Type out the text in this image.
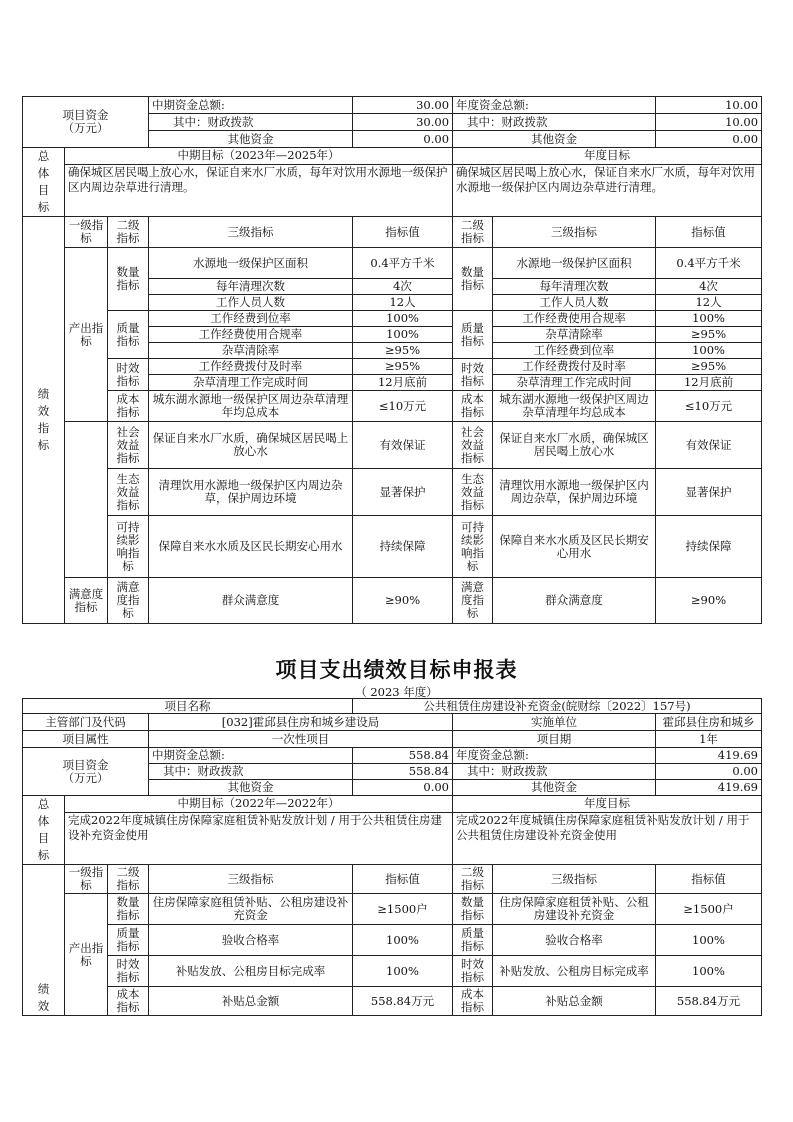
项目资金
（万元）			中期资金总额:	30.00	年度资金总额:		10.00
			其中：财政拨款	30.00	其中：财政拨款		10.00
			其他资金	0.00	其他资金		0.00

总体目标	中期目标（2023年—2025年）				年度目标		
	确保城区居民喝上放心水，保证自来水厂水质，每年对饮用水源地一级保护区内周边杂草进行清理。				确保城区居民喝上放心水，保证自来水厂水质，每年对饮用水源地一级保护区内周边杂草进行清理。		

绩效指标	一级指标	二级指标	三级指标	指标值	二级指标	三级指标	指标值
	产出指标	数量指标	水源地一级保护区面积	0.4平方千米	数量指标	水源地一级保护区面积	0.4平方千米
			每年清理次数	4次		每年清理次数	4次
			工作人员人数	12人		工作人员人数	12人
		质量指标	工作经费到位率	100%	质量指标	工作经费使用合规率	100%
			工作经费使用合规率	100%		杂草清除率	≥95%
			杂草清除率	≥95%		工作经费到位率	100%
		时效指标	工作经费拨付及时率	≥95%	时效指标	工作经费拨付及时率	≥95%
			杂草清理工作完成时间	12月底前		杂草清理工作完成时间	12月底前
		成本指标	城东湖水源地一级保护区周边杂草清理年均总成本	≤10万元	成本指标	城东湖水源地一级保护区周边杂草清理年均总成本	≤10万元
		社会效益指标	保证自来水厂水质，确保城区居民喝上放心水	有效保证	社会效益指标	保证自来水厂水质，确保城区居民喝上放心水	有效保证
		生态效益指标	清理饮用水源地一级保护区内周边杂草，保护周边环境	显著保护	生态效益指标	清理饮用水源地一级保护区内周边杂草，保护周边环境	显著保护
		可持续影响指标	保障自来水水质及区民长期安心用水	持续保障	可持续影响指标	保障自来水水质及区民长期安心用水	持续保障
	满意度指标	满意度指标	群众满意度	≥90%	满意度指标	群众满意度	≥90%
项目支出绩效目标申报表
（ 2023 年度）
项目名称				公共租赁住房建设补充资金(皖财综〔2022〕157号)			
主管部门及代码			[032]霍邱县住房和城乡建设局		实施单位		霍邱县住房和城乡
项目属性			一次性项目		项目期		1年

项目资金
（万元）			中期资金总额:	558.84	年度资金总额:		419.69
			其中：财政拨款	558.84	其中：财政拨款		0.00
			其他资金	0.00	其他资金		419.69

总体目标	中期目标（2022年—2022年）				年度目标		
	完成2022年度城镇住房保障家庭租赁补贴发放计划 / 用于公共租赁住房建设补充资金使用				完成2022年度城镇住房保障家庭租赁补贴发放计划 / 用于公共租赁住房建设补充资金使用		

绩效	一级指标	二级指标	三级指标	指标值	二级指标	三级指标	指标值
	产出指标	数量指标	住房保障家庭租赁补贴、公租房建设补充资金	≥1500户	数量指标	住房保障家庭租赁补贴、公租房建设补充资金	≥1500户
		质量指标	验收合格率	100%	质量指标	验收合格率	100%
		时效指标	补贴发放、公租房目标完成率	100%	时效指标	补贴发放、公租房目标完成率	100%
		成本指标	补贴总金额	558.84万元	成本指标	补贴总金额	558.84万元
